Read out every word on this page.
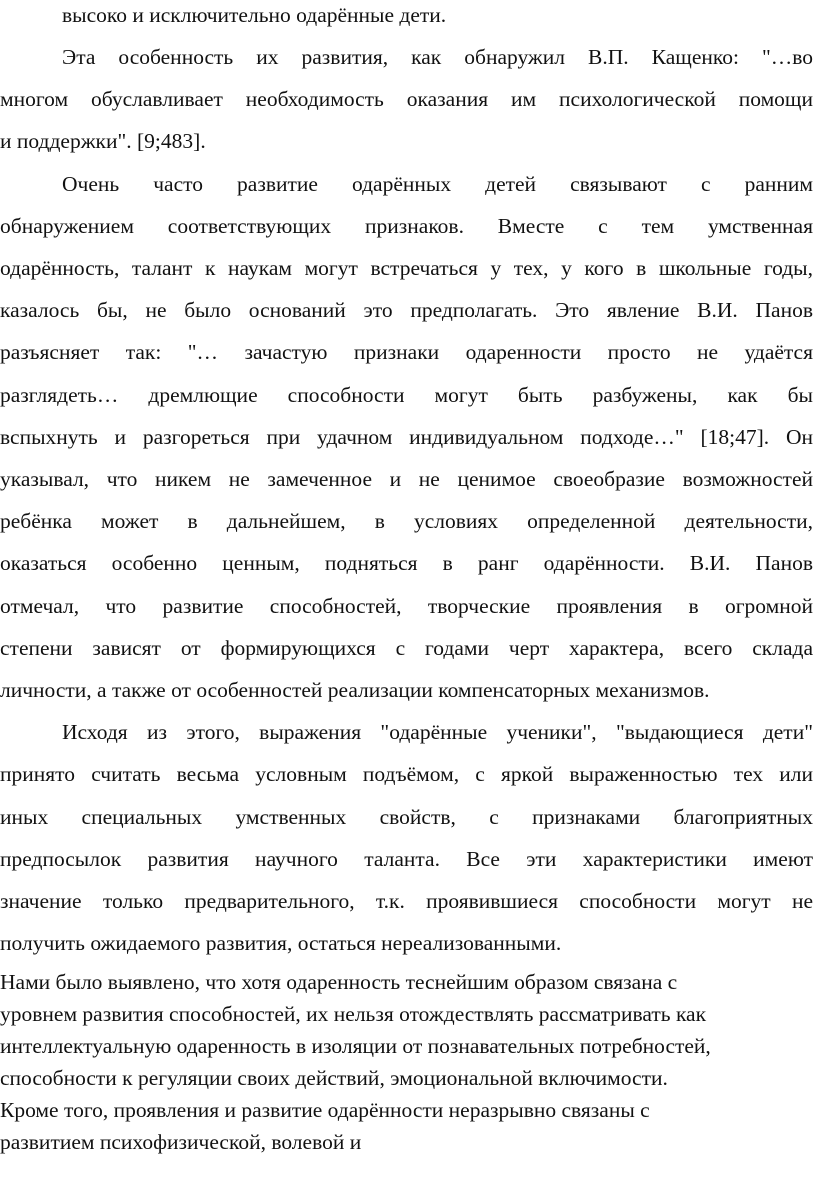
высоко и исключительно одарённые дети.
Эта особенность их развития, как обнаружил В.П. Кащенко: "…во
многом обуславливает необходимость оказания им психологической помощи
и поддержки". [9;483].
Очень часто развитие одарённых детей связывают с ранним
обнаружением соответствующих признаков. Вместе с тем умственная
одарённость, талант к наукам могут встречаться у тех, у кого в школьные годы,
казалось бы, не было оснований это предполагать. Это явление В.И. Панов
разъясняет так: "… зачастую признаки одаренности просто не удаётся
разглядеть… дремлющие способности могут быть разбужены, как бы
вспыхнуть и разгореться при удачном индивидуальном подходе…" [18;47]. Он
указывал, что никем не замеченное и не ценимое своеобразие возможностей
ребёнка может в дальнейшем, в условиях определенной деятельности,
оказаться особенно ценным, подняться в ранг одарённости. В.И. Панов
отмечал, что развитие способностей, творческие проявления в огромной
степени зависят от формирующихся с годами черт характера, всего склада
личности, а также от особенностей реализации компенсаторных механизмов.
Исходя из этого, выражения "одарённые ученики", "выдающиеся дети"
принято считать весьма условным подъёмом, с яркой выраженностью тех или
иных специальных умственных свойств, с признаками благоприятных
предпосылок развития научного таланта. Все эти характеристики имеют
значение только предварительного, т.к. проявившиеся способности могут не
получить ожидаемого развития, остаться нереализованными.
Нами было выявлено, что хотя одаренность теснейшим образом связана с
уровнем развития способностей, их нельзя отождествлять рассматривать как
интеллектуальную одаренность в изоляции от познавательных потребностей,
способности к регуляции своих действий, эмоциональной включимости.
Кроме того, проявления и развитие одарённости неразрывно связаны с
развитием психофизической, волевой и
